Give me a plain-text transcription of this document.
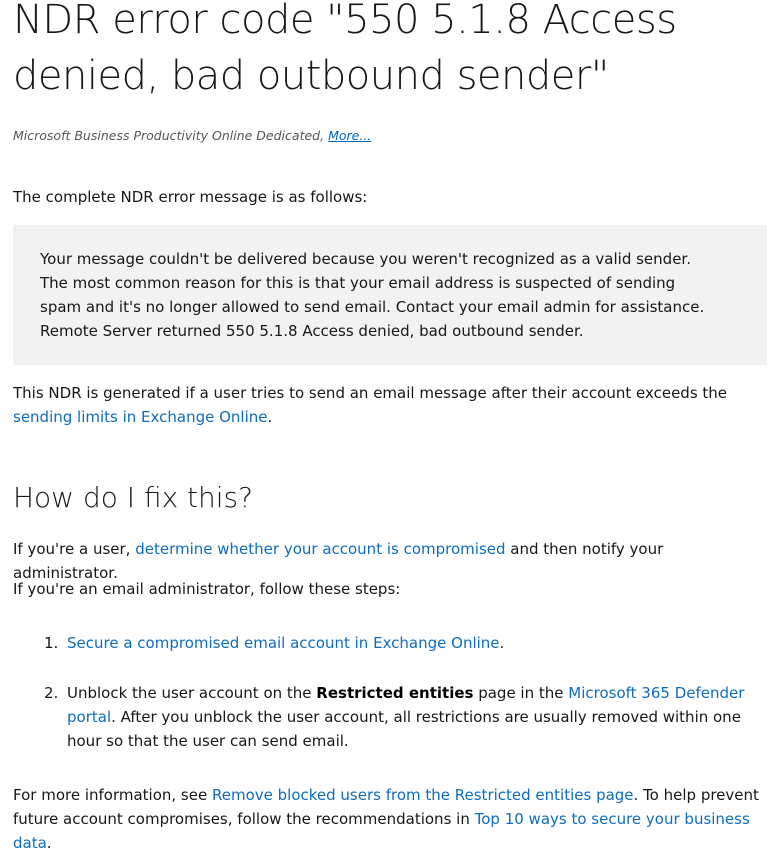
NDR error code "550 5.1.8 Access denied, bad outbound sender"
Microsoft Business Productivity Online Dedicated, More...
The complete NDR error message is as follows:
Your message couldn't be delivered because you weren't recognized as a valid sender. The most common reason for this is that your email address is suspected of sending spam and it's no longer allowed to send email. Contact your email admin for assistance. Remote Server returned 550 5.1.8 Access denied, bad outbound sender.
This NDR is generated if a user tries to send an email message after their account exceeds the sending limits in Exchange Online.
How do I fix this?
If you're a user, determine whether your account is compromised and then notify your administrator.
If you're an email administrator, follow these steps:
1. Secure a compromised email account in Exchange Online.
2. Unblock the user account on the Restricted entities page in the Microsoft 365 Defender portal. After you unblock the user account, all restrictions are usually removed within one hour so that the user can send email.
For more information, see Remove blocked users from the Restricted entities page. To help prevent future account compromises, follow the recommendations in Top 10 ways to secure your business data.
